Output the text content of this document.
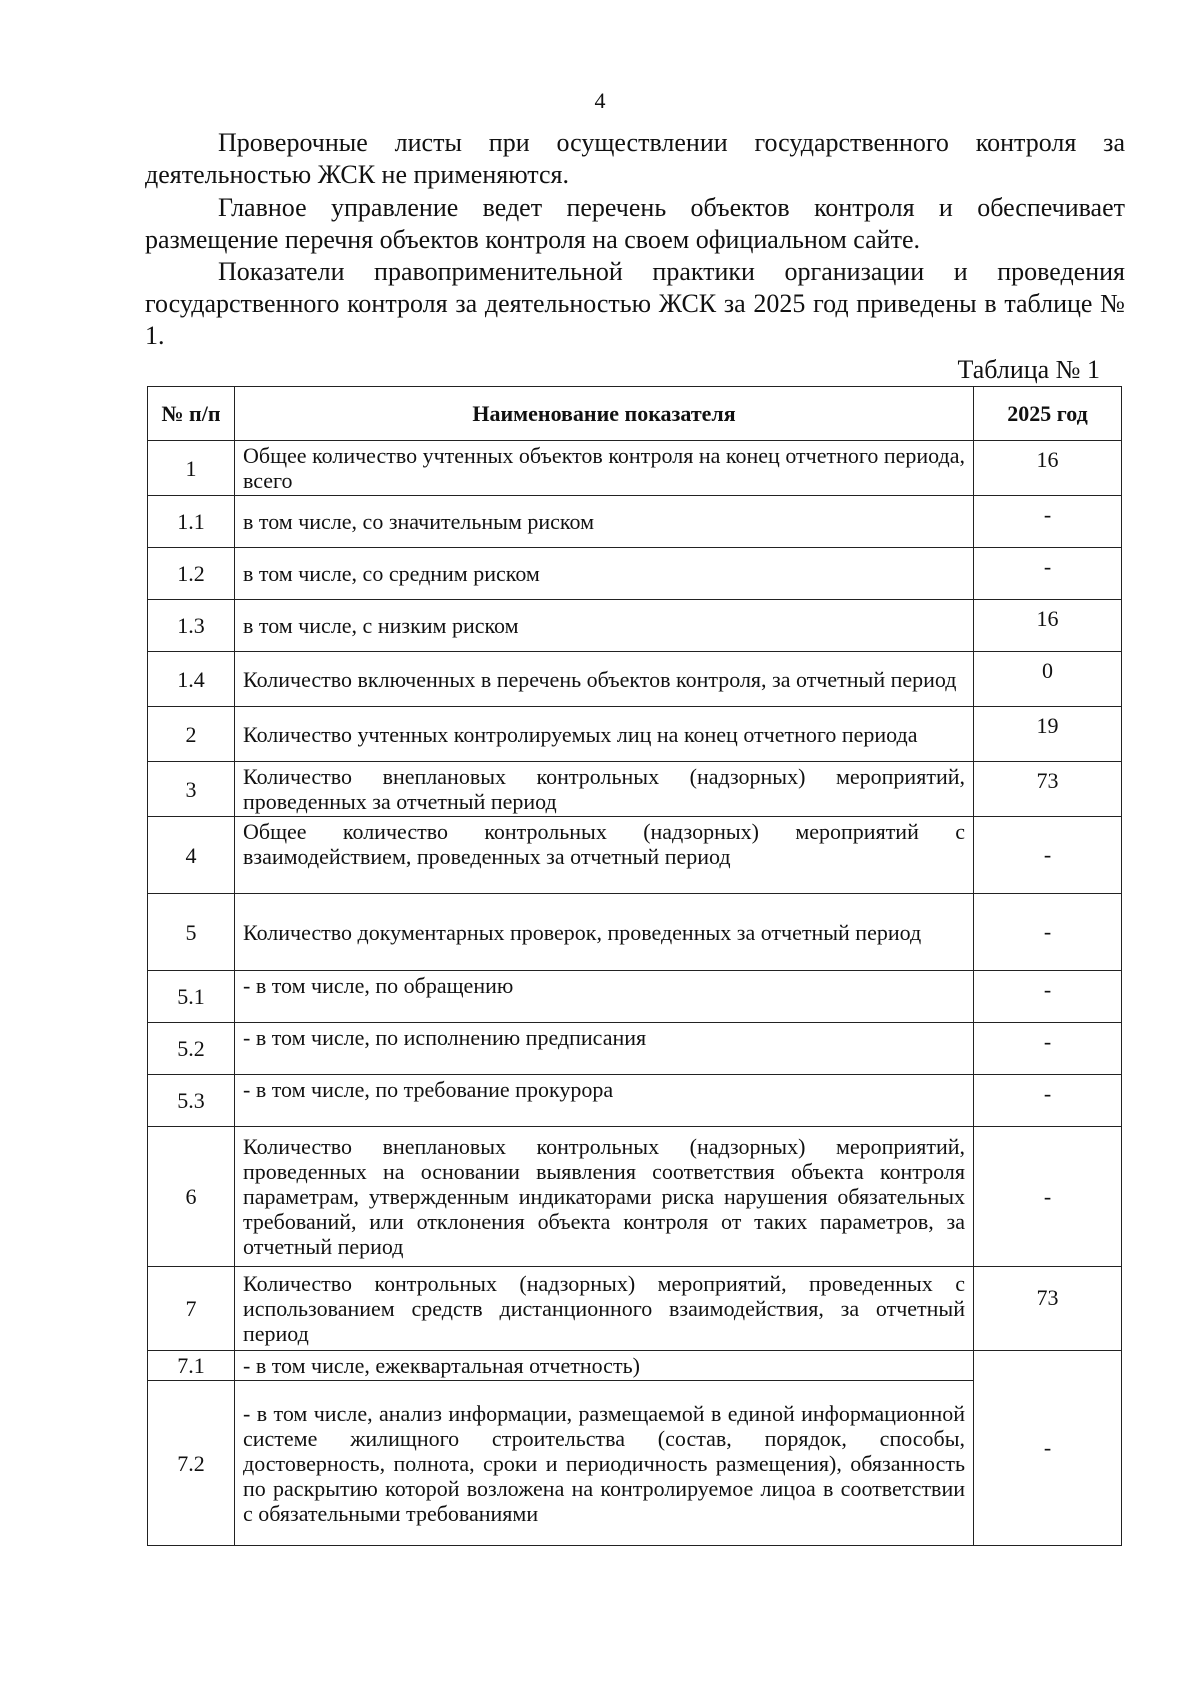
4

Проверочные листы при осуществлении государственного контроля за деятельностью ЖСК не применяются.

Главное управление ведет перечень объектов контроля и обеспечивает размещение перечня объектов контроля на своем официальном сайте.

Показатели правоприменительной практики организации и проведения государственного контроля за деятельностью ЖСК за 2025 год приведены в таблице № 1.

Таблица № 1
№ п/п	Наименование показателя	2025 год
1	Общее количество учтенных объектов контроля на конец отчетного периода, всего	16
1.1	в том числе, со значительным риском	-
1.2	в том числе, со средним риском	-
1.3	в том числе, с низким риском	16
1.4	Количество включенных в перечень объектов контроля, за отчетный период	0
2	Количество учтенных контролируемых лиц на конец отчетного периода	19
3	Количество внеплановых контрольных (надзорных) мероприятий, проведенных за отчетный период	73
4	Общее количество контрольных (надзорных) мероприятий с взаимодействием, проведенных за отчетный период	-
5	Количество документарных проверок, проведенных за отчетный период	-
5.1	- в том числе, по обращению	-
5.2	- в том числе, по исполнению предписания	-
5.3	- в том числе, по требование прокурора	-
6	Количество внеплановых контрольных (надзорных) мероприятий, проведенных на основании выявления соответствия объекта контроля параметрам, утвержденным индикаторами риска нарушения обязательных требований, или отклонения объекта контроля от таких параметров, за отчетный период	-
7	Количество контрольных (надзорных) мероприятий, проведенных с использованием средств дистанционного взаимодействия, за отчетный период	73
7.1	- в том числе, ежеквартальная отчетность)	-
7.2	- в том числе, анализ информации, размещаемой в единой информационной системе жилищного строительства (состав, порядок, способы, достоверность, полнота, сроки и периодичность размещения), обязанность по раскрытию которой возложена на контролируемое лицоа в соответствии с обязательными требованиями	
